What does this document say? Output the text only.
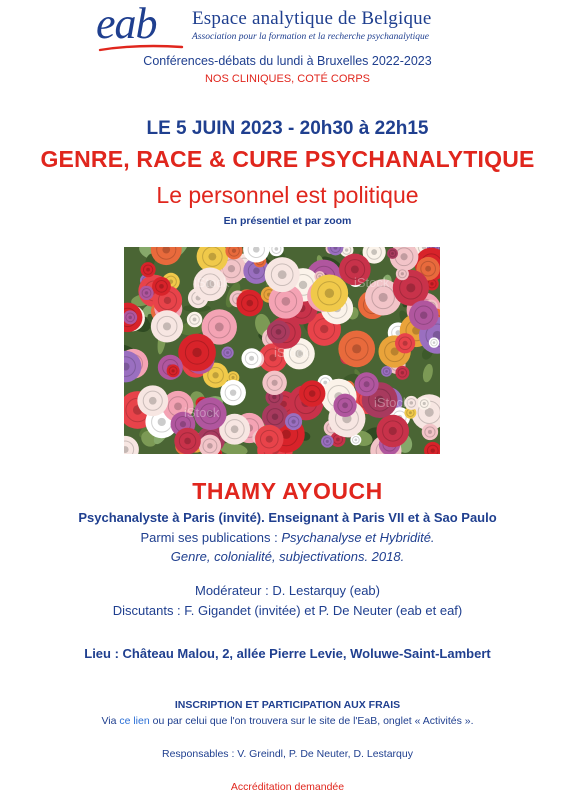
eab Espace analytique de Belgique
Association pour la formation et la recherche psychanalytique
Conférences-débats du lundi à Bruxelles 2022-2023
NOS CLINIQUES, COTÉ CORPS
LE 5 JUIN 2023 - 20h30 à 22h15
GENRE, RACE & CURE PSYCHANALYTIQUE
Le personnel est politique
En présentiel et par zoom
iStock	iStock
iStock
iStock
iStock
THAMY AYOUCH
Psychanalyste à Paris (invité). Enseignant à Paris VII et à Sao Paulo
Parmi ses publications : Psychanalyse et Hybridité.
Genre, colonialité, subjectivations. 2018.
Modérateur : D. Lestarquy (eab)
Discutants : F. Gigandet (invitée) et P. De Neuter (eab et eaf)
Lieu : Château Malou, 2, allée Pierre Levie, Woluwe-Saint-Lambert
INSCRIPTION ET PARTICIPATION AUX FRAIS
Via ce lien ou par celui que l'on trouvera sur le site de l'EaB, onglet « Activités ».
Responsables : V. Greindl, P. De Neuter, D. Lestarquy
Accréditation demandée
